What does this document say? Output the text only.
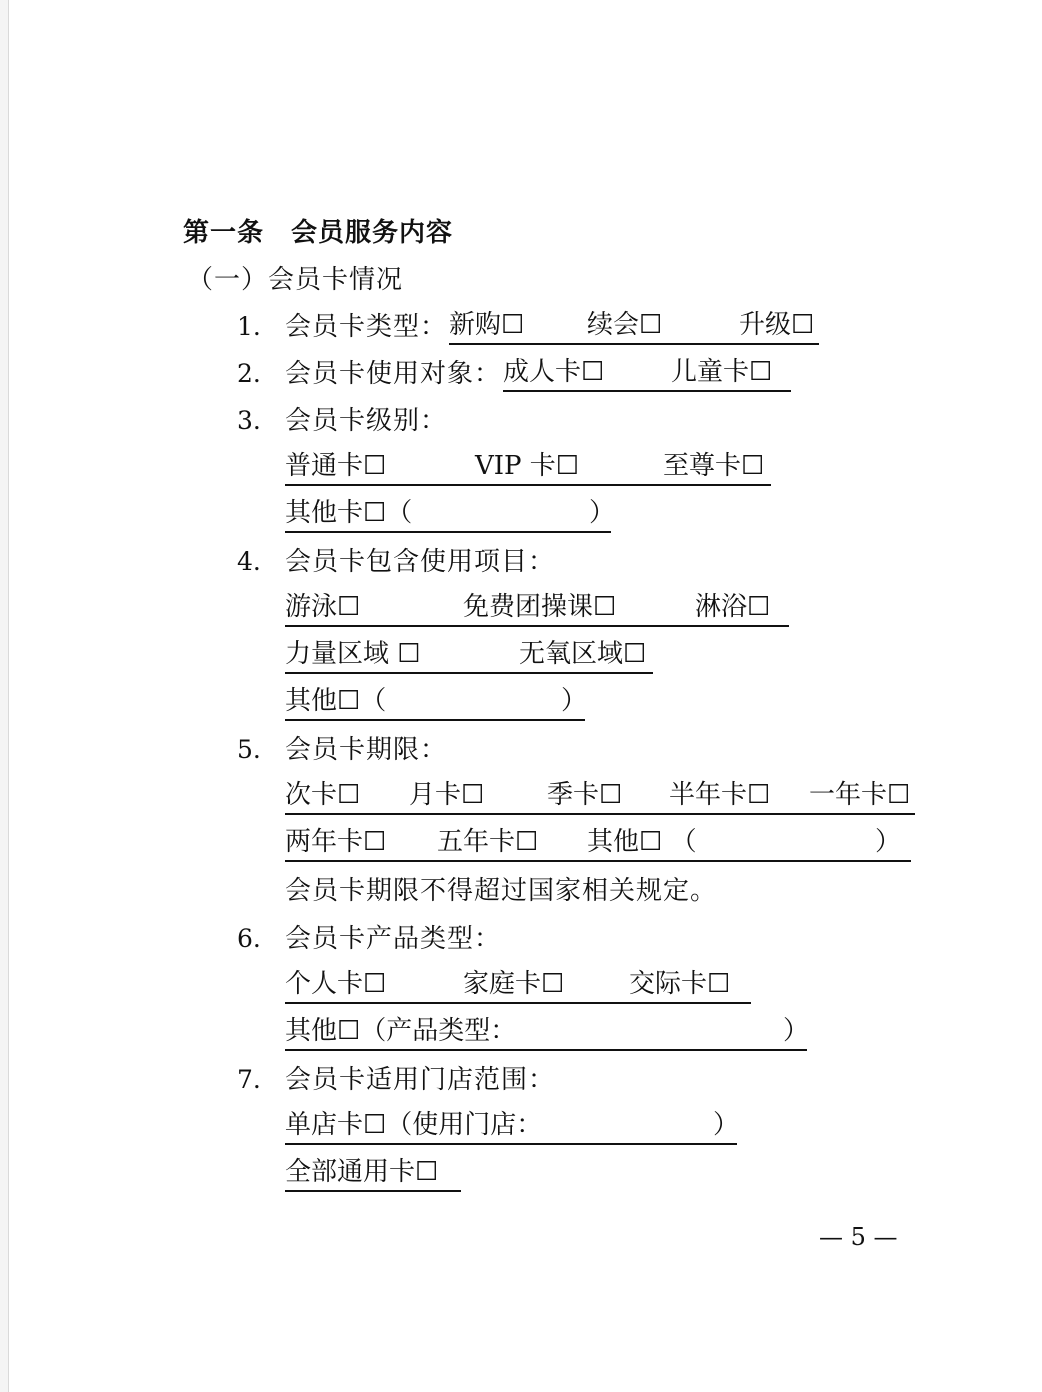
第一条　会员服务内容
（一）会员卡情况
1. 会员卡类型： 新购☐ 续会☐	升级☐
2. 会员卡使用对象： 成人卡☐	儿童卡☐
3. 会员卡级别：
普通卡☐	VIP 卡☐	至尊卡☐
其他卡☐（	）
4. 会员卡包含使用项目：
游泳☐	免费团操课☐	淋浴☐
力量区域 ☐	无氧区域☐
其他☐（	）
5. 会员卡期限：
次卡☐ 月卡☐ 季卡☐ 半年卡☐ 一年卡☐
两年卡☐ 五年卡☐ 其他☐ （	）
会员卡期限不得超过国家相关规定。
6. 会员卡产品类型：
个人卡☐	家庭卡☐ 交际卡☐
其他☐（产品类型：	）
7. 会员卡适用门店范围：
单店卡☐（使用门店：	）
全部通用卡☐
— 5 —
